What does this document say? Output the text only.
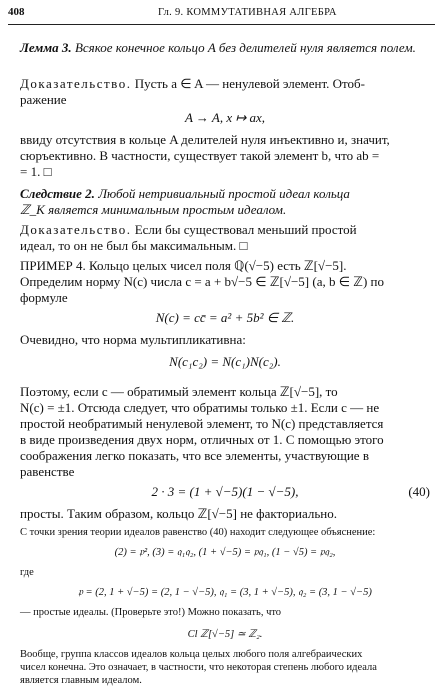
408	Гл. 9. КОММУТАТИВНАЯ АЛГЕБРА
Лемма 3. Всякое конечное кольцо A без делителей нуля является полем.
Доказательство. Пусть a ∈ A — ненулевой элемент. Отоб-
ражение
A → A, x ↦ ax,
ввиду отсутствия в кольце A делителей нуля инъективно и, значит,
сюръективно. В частности, существует такой элемент b, что ab =
= 1. □
Следствие 2. Любой нетривиальный простой идеал кольца
ℤ_K является минимальным простым идеалом.
Доказательство. Если бы существовал меньший простой
идеал, то он не был бы максимальным. □
ПРИМЕР 4. Кольцо целых чисел поля ℚ(√−5) есть ℤ[√−5].
Определим норму N(c) числа c = a + b√−5 ∈ ℤ[√−5] (a, b ∈ ℤ) по
формуле
N(c) = cc̄ = a² + 5b² ∈ ℤ.
Очевидно, что норма мультипликативна:
N(c₁c₂) = N(c₁)N(c₂).
Поэтому, если c — обратимый элемент кольца ℤ[√−5], то
N(c) = ±1. Отсюда следует, что обратимы только ±1. Если c — не
простой необратимый ненулевой элемент, то N(c) представляется
в виде произведения двух норм, отличных от 1. С помощью этого
соображения легко показать, что все элементы, участвующие в
равенстве
2 · 3 = (1 + √−5)(1 − √−5),	(40)
просты. Таким образом, кольцо ℤ[√−5] не факториально.
С точки зрения теории идеалов равенство (40) находит следующее объяснение:
(2) = 𝔭², (3) = 𝔮₁𝔮₂, (1 + √−5) = 𝔭𝔮₁, (1 − √5) = 𝔭𝔮₂,
где
𝔭 = (2, 1 + √−5) = (2, 1 − √−5), 𝔮₁ = (3, 1 + √−5), 𝔮₂ = (3, 1 − √−5)
— простые идеалы. (Проверьте это!) Можно показать, что
Cl ℤ[√−5] ≃ ℤ₂.
Вообще, группа классов идеалов кольца целых любого поля алгебраических
чисел конечна. Это означает, в частности, что некоторая степень любого идеала
является главным идеалом.
